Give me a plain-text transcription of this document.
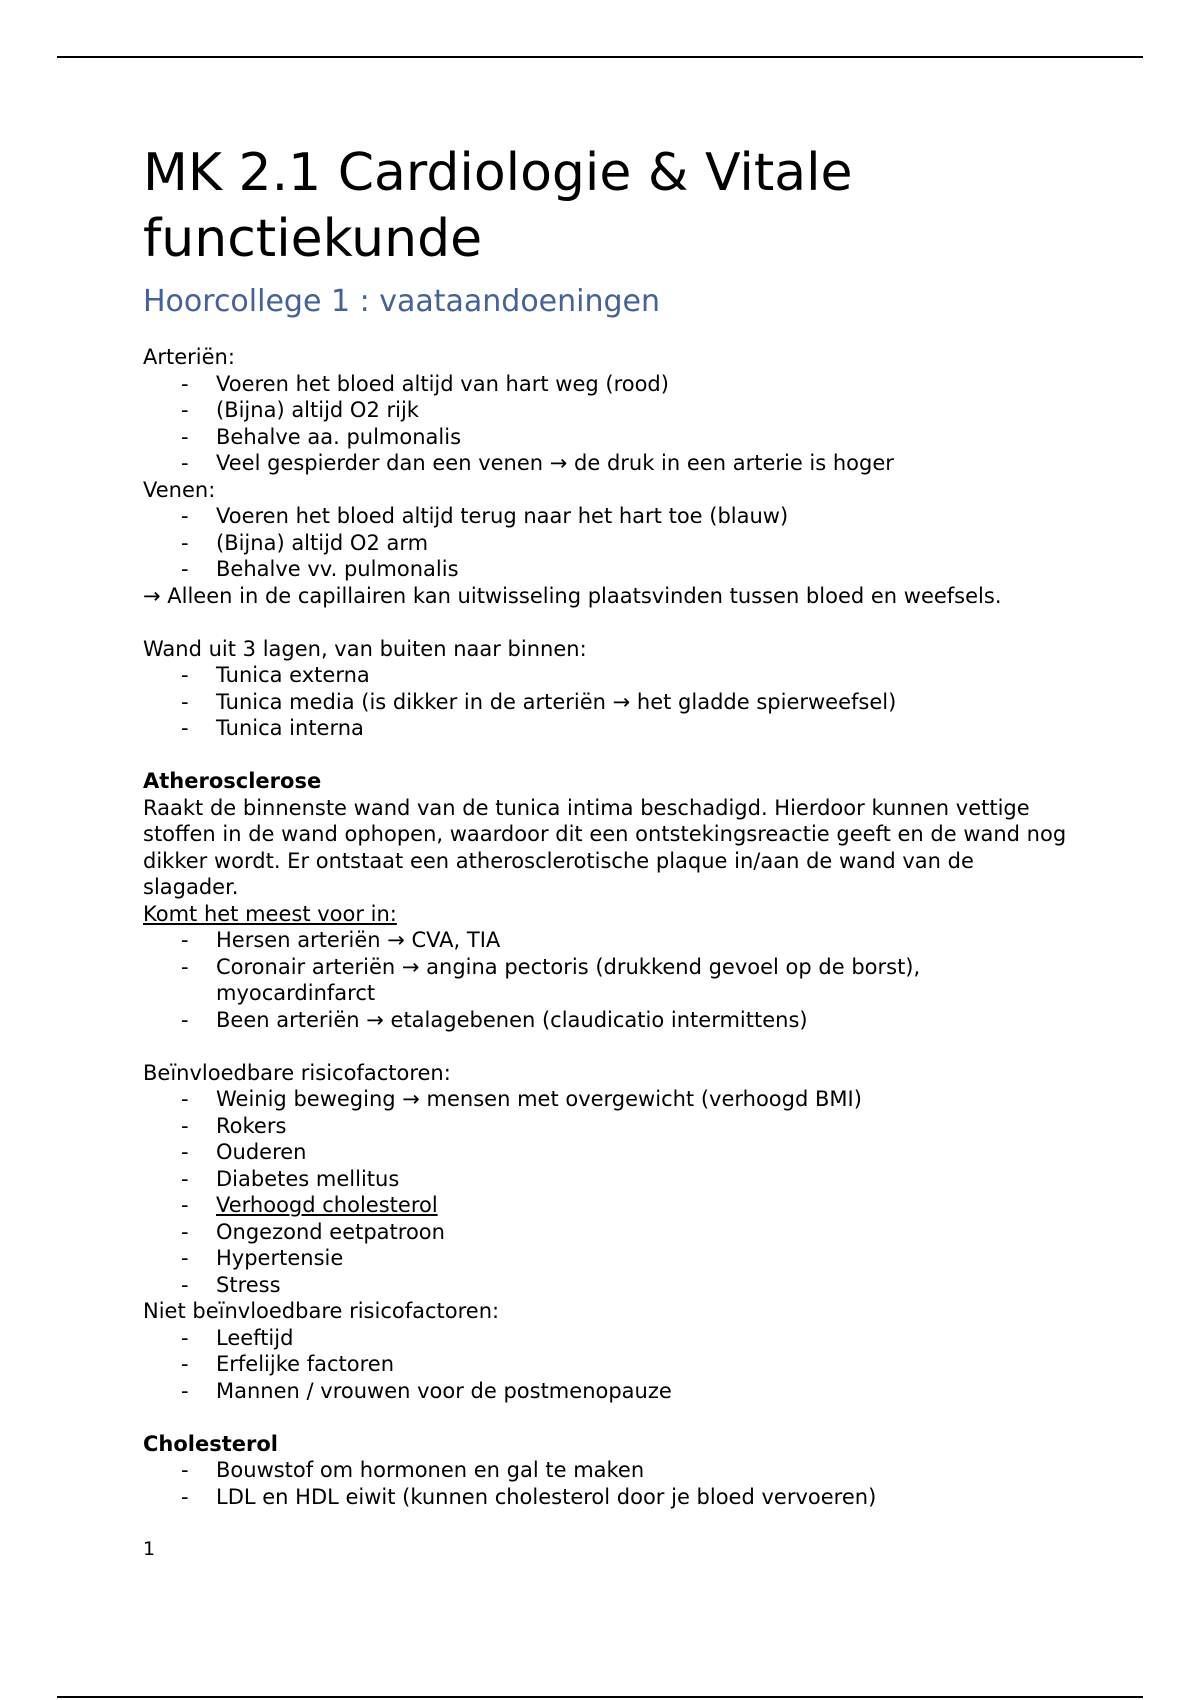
MK 2.1 Cardiologie & Vitale functiekunde
Hoorcollege 1 : vaataandoeningen

Arteriën:

- Voeren het bloed altijd van hart weg (rood)
- (Bijna) altijd O2 rijk
- Behalve aa. pulmonalis
- Veel gespierder dan een venen → de druk in een arterie is hoger

Venen:

- Voeren het bloed altijd terug naar het hart toe (blauw)
- (Bijna) altijd O2 arm
- Behalve vv. pulmonalis

→ Alleen in de capillairen kan uitwisseling plaatsvinden tussen bloed en weefsels.

Wand uit 3 lagen, van buiten naar binnen:

- Tunica externa
- Tunica media (is dikker in de arteriën → het gladde spierweefsel)
- Tunica interna

Atherosclerose

Raakt de binnenste wand van de tunica intima beschadigd. Hierdoor kunnen vettige stoffen in de wand ophopen, waardoor dit een ontstekingsreactie geeft en de wand nog dikker wordt. Er ontstaat een atherosclerotische plaque in/aan de wand van de slagader.

Komt het meest voor in:

- Hersen arteriën → CVA, TIA
- Coronair arteriën → angina pectoris (drukkend gevoel op de borst), myocardinfarct
- Been arteriën → etalagebenen (claudicatio intermittens)

Beïnvloedbare risicofactoren:

- Weinig beweging → mensen met overgewicht (verhoogd BMI)
- Rokers
- Ouderen
- Diabetes mellitus
- Verhoogd cholesterol
- Ongezond eetpatroon
- Hypertensie
- Stress

Niet beïnvloedbare risicofactoren:

- Leeftijd
- Erfelijke factoren
- Mannen / vrouwen voor de postmenopauze

Cholesterol

- Bouwstof om hormonen en gal te maken
- LDL en HDL eiwit (kunnen cholesterol door je bloed vervoeren)

1
